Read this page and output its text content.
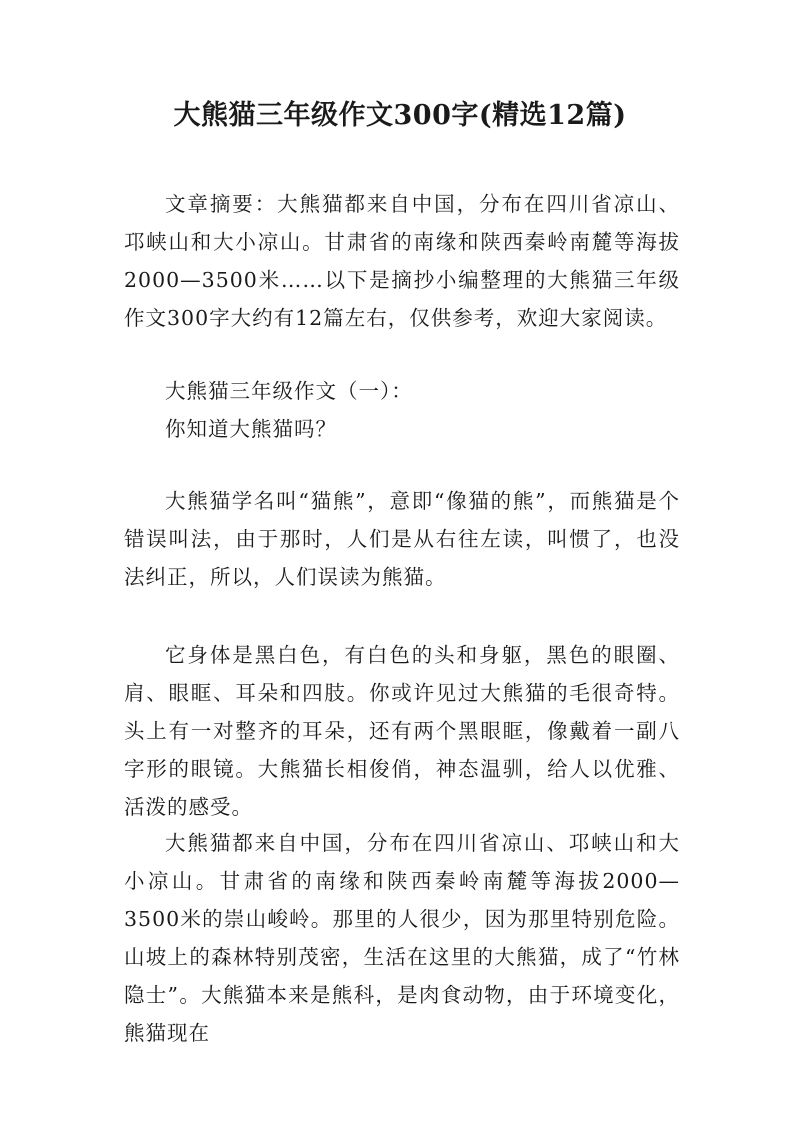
大熊猫三年级作文300字(精选12篇)
文章摘要：大熊猫都来自中国，分布在四川省凉山、邛峡山和大小凉山。甘肃省的南缘和陕西秦岭南麓等海拔2000—3500米……以下是摘抄小编整理的大熊猫三年级作文300字大约有12篇左右，仅供参考，欢迎大家阅读。
大熊猫三年级作文（一）：
你知道大熊猫吗？
大熊猫学名叫“猫熊”，意即“像猫的熊”，而熊猫是个错误叫法，由于那时，人们是从右往左读，叫惯了，也没法纠正，所以，人们误读为熊猫。
它身体是黑白色，有白色的头和身躯，黑色的眼圈、肩、眼眶、耳朵和四肢。你或许见过大熊猫的毛很奇特。头上有一对整齐的耳朵，还有两个黑眼眶，像戴着一副八字形的眼镜。大熊猫长相俊俏，神态温驯，给人以优雅、活泼的感受。
大熊猫都来自中国，分布在四川省凉山、邛峡山和大小凉山。甘肃省的南缘和陕西秦岭南麓等海拔2000—3500米的崇山峻岭。那里的人很少，因为那里特别危险。山坡上的森林特别茂密，生活在这里的大熊猫，成了“竹林隐士”。大熊猫本来是熊科，是肉食动物，由于环境变化，熊猫现在
